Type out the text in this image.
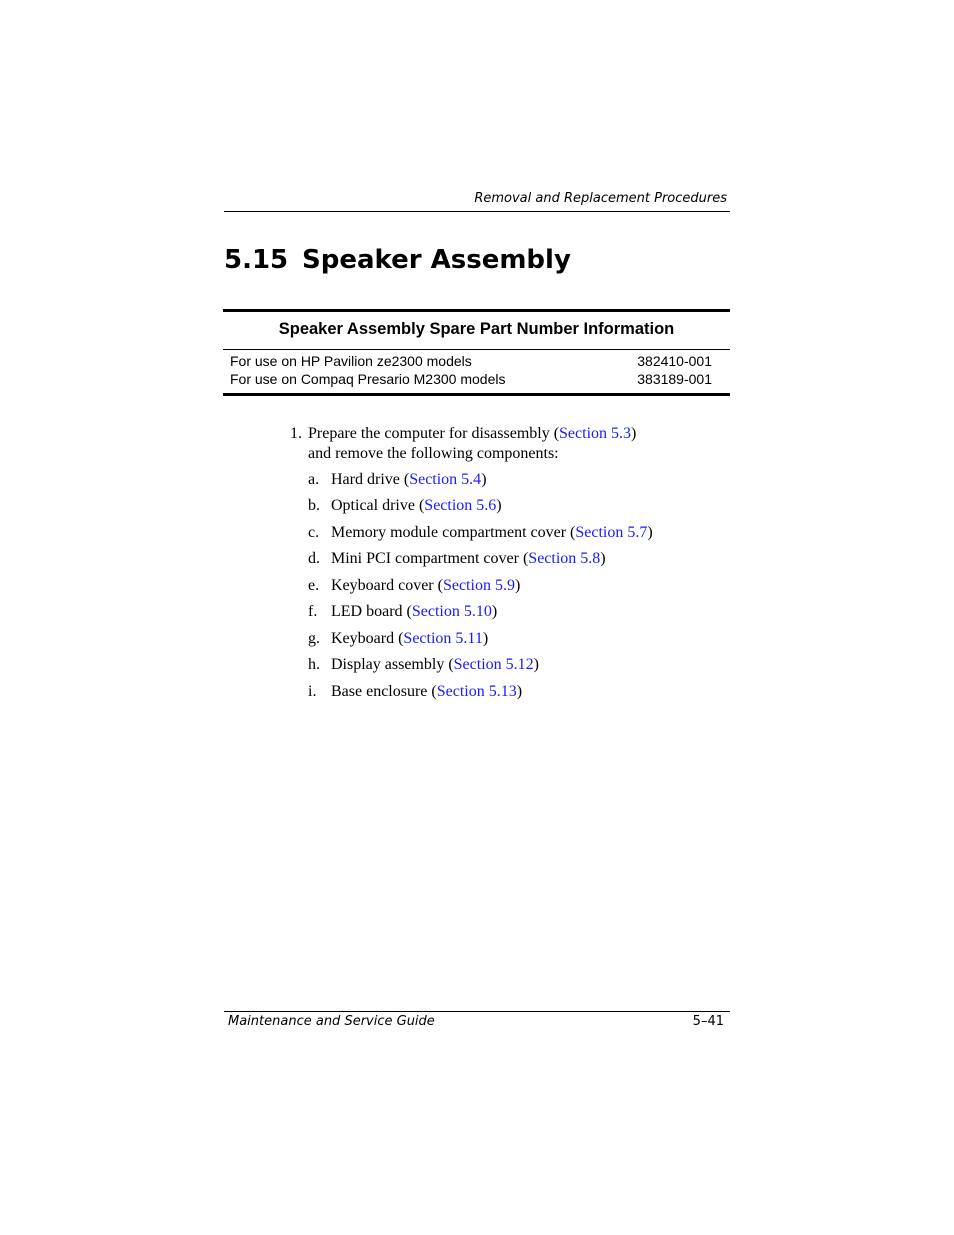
Removal and Replacement Procedures
5.15 Speaker Assembly
Speaker Assembly Spare Part Number Information
For use on HP Pavilion ze2300 models	382410-001
For use on Compaq Presario M2300 models	383189-001
1. Prepare the computer for disassembly (Section 5.3)
and remove the following components:
a. Hard drive (Section 5.4)
b. Optical drive (Section 5.6)
c. Memory module compartment cover (Section 5.7)
d. Mini PCI compartment cover (Section 5.8)
e. Keyboard cover (Section 5.9)
f. LED board (Section 5.10)
g. Keyboard (Section 5.11)
h. Display assembly (Section 5.12)
i. Base enclosure (Section 5.13)
Maintenance and Service Guide	5–41
